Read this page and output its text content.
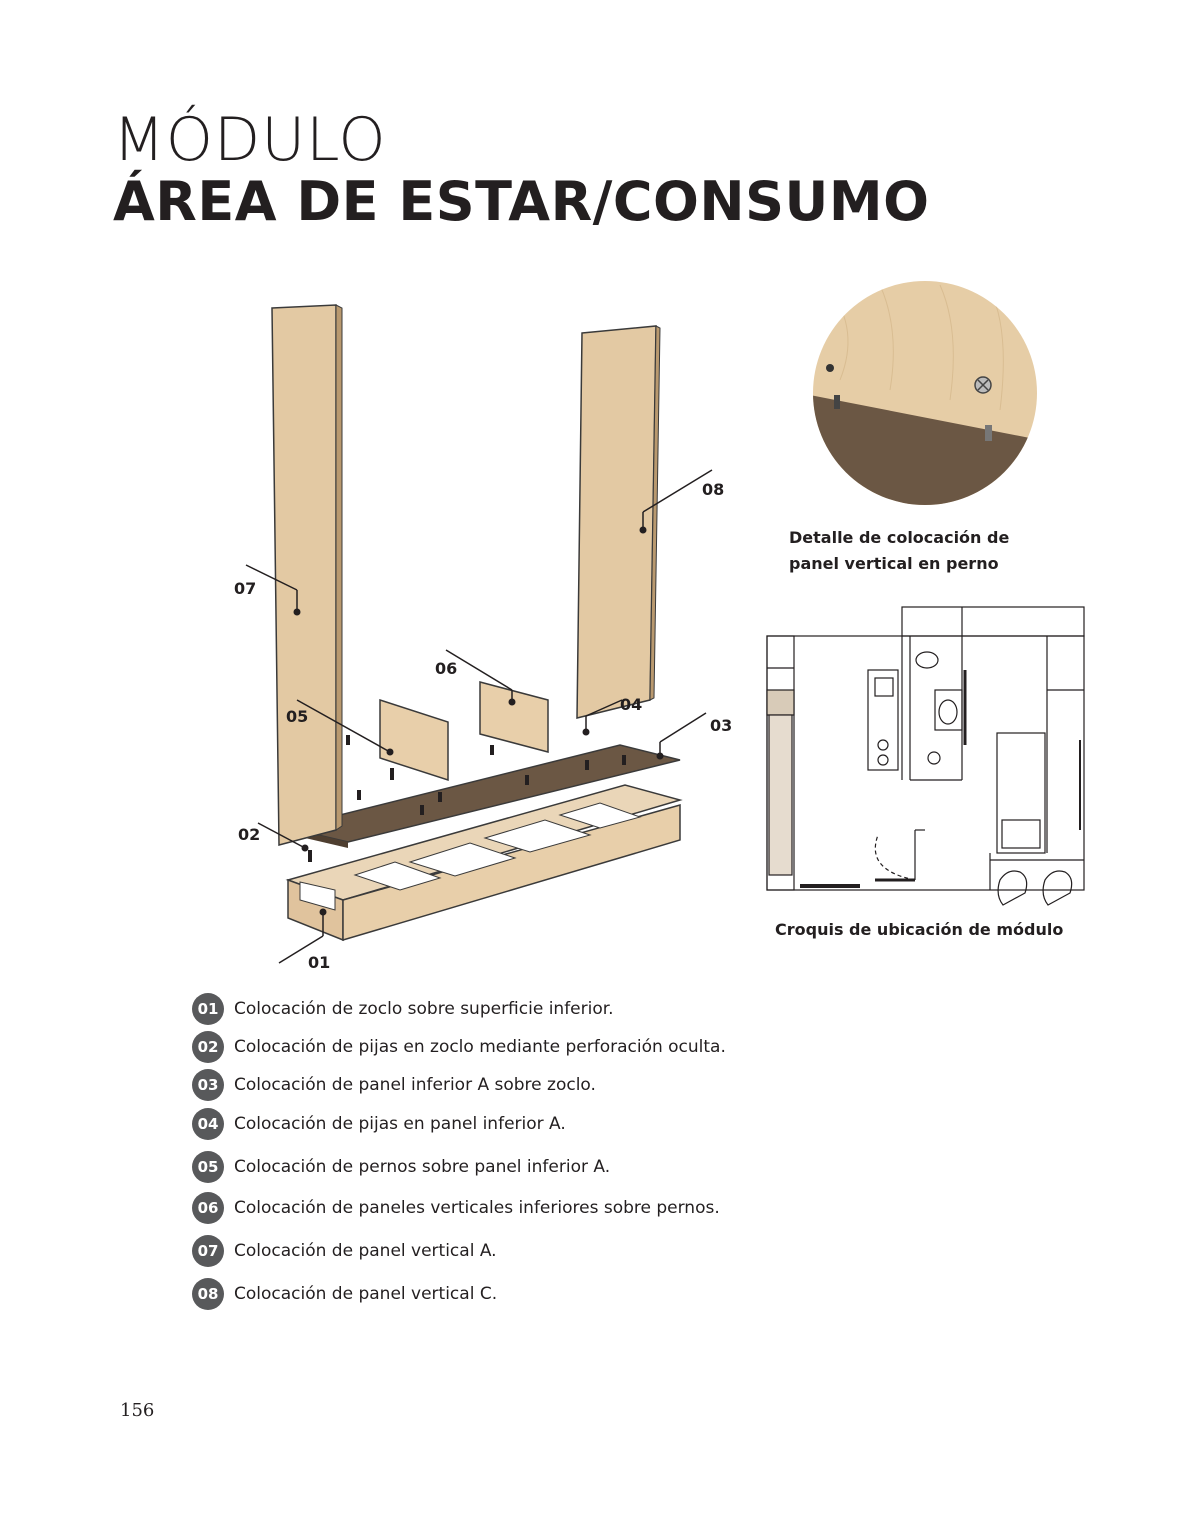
MÓDULO
ÁREA DE ESTAR/CONSUMO
01
02
03
04
05
06
07
08
Detalle de colocación de
panel vertical en perno
Croquis de ubicación de módulo
01 Colocación de zoclo sobre superficie inferior.
02 Colocación de pijas en zoclo mediante perforación oculta.
03 Colocación de panel inferior A sobre zoclo.
04 Colocación de pijas en panel inferior A.
05 Colocación de pernos sobre panel inferior A.
06 Colocación de paneles verticales inferiores sobre pernos.
07 Colocación de panel vertical A.
08 Colocación de panel vertical C.
156
